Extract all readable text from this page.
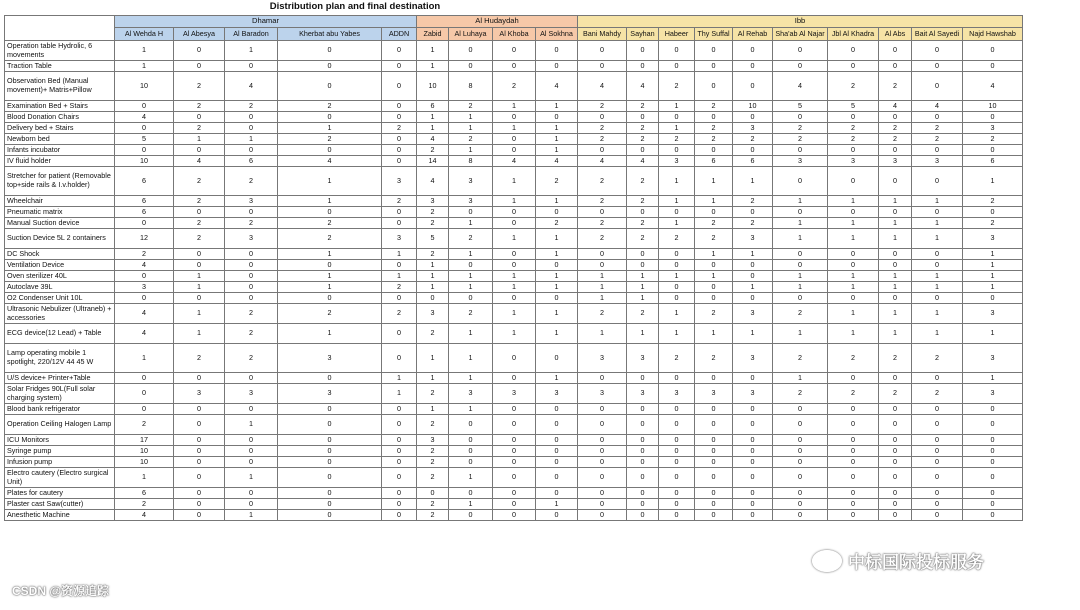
Distribution plan and final destination
	Dhamar					Al Hudaydah				Ibb									
	Al Wehda H	Al Abesya	Al Baradon	Kherbat abu Yabes	ADDN	Zabid	Al Luhaya	Al Khoba	Al Sokhna	Bani Mahdy	Sayhan	Habeer	Thy Suffal	Al Rehab	Sha'ab Al Najar	Jbl Al Khadra	Al Abs	Bait Al Sayedi	Najd Hawshab
Operation table Hydrolic, 6 movements	1	0	1	0	0	1	0	0	0	0	0	0	0	0	0	0	0	0	0
Traction Table	1	0	0	0	0	1	0	0	0	0	0	0	0	0	0	0	0	0	0
Observation Bed (Manual movement)+ Matris+Pillow	10	2	4	0	0	10	8	2	4	4	4	2	0	0	4	2	2	0	4
Examination Bed + Stairs	0	2	2	2	0	6	2	1	1	2	2	1	2	10	5	5	4	4	10
Blood Donation Chairs	4	0	0	0	0	1	1	0	0	0	0	0	0	0	0	0	0	0	0
Delivery bed + Stairs	0	2	0	1	2	1	1	1	1	2	2	1	2	3	2	2	2	2	3
Newborn bed	5	1	1	2	0	4	2	0	1	2	2	2	2	2	2	2	2	2	2
Infants incubator	0	0	0	0	0	2	1	0	1	0	0	0	0	0	0	0	0	0	0
IV fluid holder	10	4	6	4	0	14	8	4	4	4	4	3	6	6	3	3	3	3	6
Stretcher for patient (Removable top+side rails & I.v.holder)	6	2	2	1	3	4	3	1	2	2	2	1	1	1	0	0	0	0	1
Wheelchair	6	2	3	1	2	3	3	1	1	2	2	1	1	2	1	1	1	1	2
Pneumatic matrix	6	0	0	0	0	2	0	0	0	0	0	0	0	0	0	0	0	0	0
Manual Suction device	0	2	2	2	0	2	1	0	2	2	2	1	2	2	1	1	1	1	2
Suction Device 5L 2 containers	12	2	3	2	3	5	2	1	1	2	2	2	2	3	1	1	1	1	3
DC Shock	2	0	0	1	1	2	1	0	1	0	0	0	1	1	0	0	0	0	1
Ventilation Device	4	0	0	0	0	1	0	0	0	0	0	0	0	0	0	0	0	0	1
Oven sterilizer 40L	0	1	0	1	1	1	1	1	1	1	1	1	1	0	1	1	1	1	1
Autoclave 39L	3	1	0	1	2	1	1	1	1	1	1	0	0	1	1	1	1	1	1
O2 Condenser Unit 10L	0	0	0	0	0	0	0	0	0	1	1	0	0	0	0	0	0	0	0
Ultrasonic Nebulizer (Ultraneb) + accessories	4	1	2	2	2	3	2	1	1	2	2	1	2	3	2	1	1	1	3
ECG device(12 Lead) + Table	4	1	2	1	0	2	1	1	1	1	1	1	1	1	1	1	1	1	1
Lamp operating mobile 1 spotlight, 220/12V 44 45 W	1	2	2	3	0	1	1	0	0	3	3	2	2	3	2	2	2	2	3
U/S device+ Printer+Table	0	0	0	0	1	1	1	0	1	0	0	0	0	0	1	0	0	0	1
Solar Fridges 90L(Full solar charging system)	0	3	3	3	1	2	3	3	3	3	3	3	3	3	2	2	2	2	3
Blood bank refrigerator	0	0	0	0	0	1	1	0	0	0	0	0	0	0	0	0	0	0	0
Operation Ceiling Halogen Lamp	2	0	1	0	0	2	0	0	0	0	0	0	0	0	0	0	0	0	0
ICU Monitors	17	0	0	0	0	3	0	0	0	0	0	0	0	0	0	0	0	0	0
Syringe pump	10	0	0	0	0	2	0	0	0	0	0	0	0	0	0	0	0	0	0
Infusion pump	10	0	0	0	0	2	0	0	0	0	0	0	0	0	0	0	0	0	0
Electro cautery (Electro surgical Unit)	1	0	1	0	0	2	1	0	0	0	0	0	0	0	0	0	0	0	0
Plates for cautery	6	0	0	0	0	0	0	0	0	0	0	0	0	0	0	0	0	0	0
Plaster cast Saw(cutter)	2	0	0	0	0	2	1	0	1	0	0	0	0	0	0	0	0	0	0
Anesthetic Machine	4	0	1	0	0	2	0	0	0	0	0	0	0	0	0	0	0	0	0
中标国际投标服务
CSDN @资源追踪
